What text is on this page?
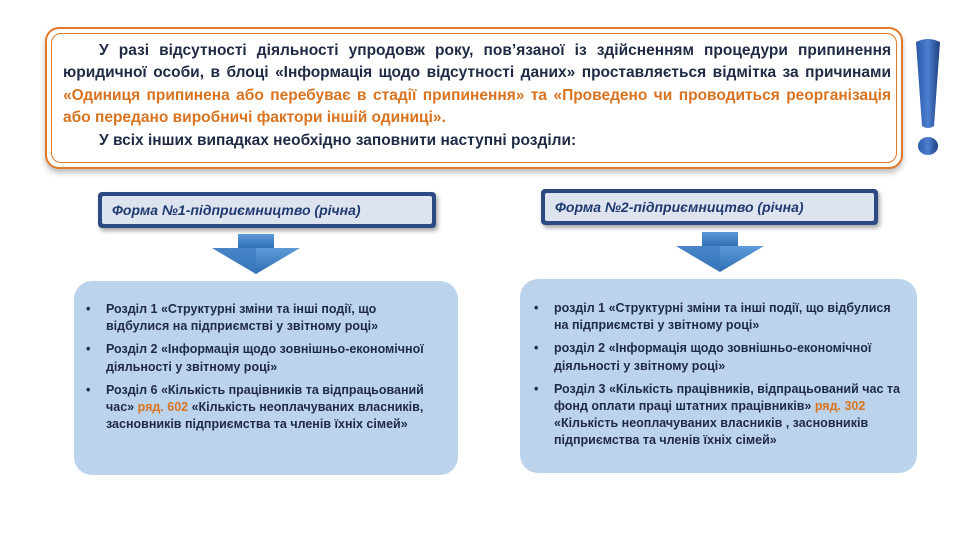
У разі відсутності діяльності упродовж року, пов’язаної із здійсненням процедури припинення юридичної особи, в блоці «Інформація щодо відсутності даних» проставляється відмітка за причинами «Одиниця припинена або перебуває в стадії припинення» та «Проведено чи проводиться реорганізація або передано виробничі фактори іншій одиниці».

У всіх інших випадках необхідно заповнити наступні розділи:

Форма №1-підприємництво (річна)	Форма №2-підприємництво (річна)
• Розділ 1 «Структурні зміни та інші події, що відбулися на підприємстві у звітному році»
• Розділ 2 «Інформація щодо зовнішньо-економічної діяльності у звітному році»
• Розділ 6 «Кількість працівників та відпрацьований час» ряд. 602 «Кількість неоплачуваних власників, засновників підприємства та членів їхніх сімей»
• розділ 1 «Структурні зміни та інші події, що відбулися на підприємстві у звітному році»
• розділ 2 «Інформація щодо зовнішньо-економічної діяльності у звітному році»
• Розділ 3 «Кількість працівників, відпрацьований час та фонд оплати праці штатних працівників» ряд. 302 «Кількість неоплачуваних власників , засновників підприємства та членів їхніх сімей»
